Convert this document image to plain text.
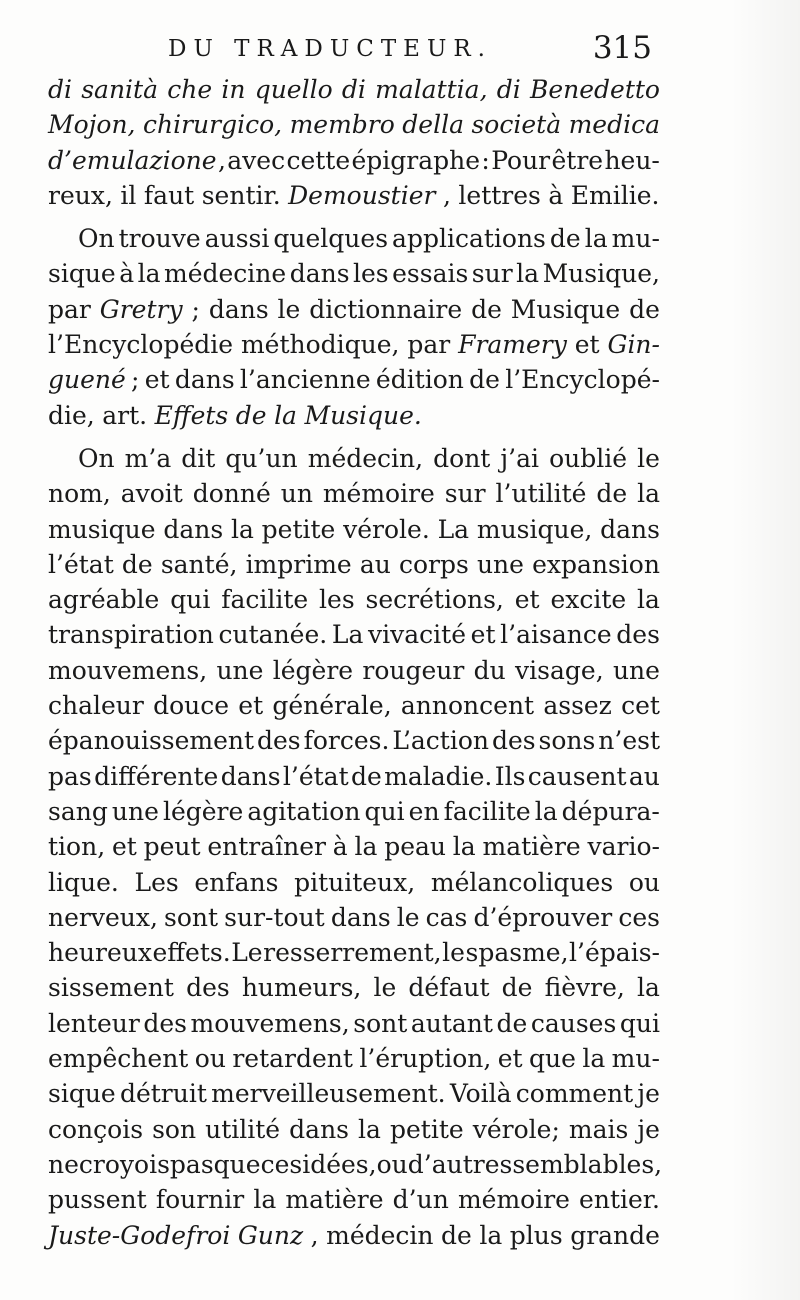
DU TRADUCTEUR.	315
di sanità che in quello di malattia, di Benedetto
Mojon, chirurgico, membro della società medica
d’emulazione , avec cette épigraphe : Pour être heu-
reux, il faut sentir. Demoustier , lettres à Emilie.
On trouve aussi quelques applications de la mu-
sique à la médecine dans les essais sur la Musique,
par Gretry ; dans le dictionnaire de Musique de
l’Encyclopédie méthodique, par Framery et Gin-
guené ; et dans l’ancienne édition de l’Encyclopé-
die, art. Effets de la Musique.
On m’a dit qu’un médecin, dont j’ai oublié le
nom, avoit donné un mémoire sur l’utilité de la
musique dans la petite vérole. La musique, dans
l’état de santé, imprime au corps une expansion
agréable qui facilite les secrétions, et excite la
transpiration cutanée. La vivacité et l’aisance des
mouvemens, une légère rougeur du visage, une
chaleur douce et générale, annoncent assez cet
épanouissement des forces. L’action des sons n’est
pas différente dans l’état de maladie. Ils causent au
sang une légère agitation qui en facilite la dépura-
tion, et peut entraîner à la peau la matière vario-
lique. Les enfans pituiteux, mélancoliques ou
nerveux, sont sur-tout dans le cas d’éprouver ces
heureux effets. Le resserrement, le spasme, l’épais-
sissement des humeurs, le défaut de fièvre, la
lenteur des mouvemens, sont autant de causes qui
empêchent ou retardent l’éruption, et que la mu-
sique détruit merveilleusement. Voilà comment je
conçois son utilité dans la petite vérole; mais je
ne croyois pas que ces idées, ou d’autres semblables,
pussent fournir la matière d’un mémoire entier.
Juste-Godefroi Gunz , médecin de la plus grande
